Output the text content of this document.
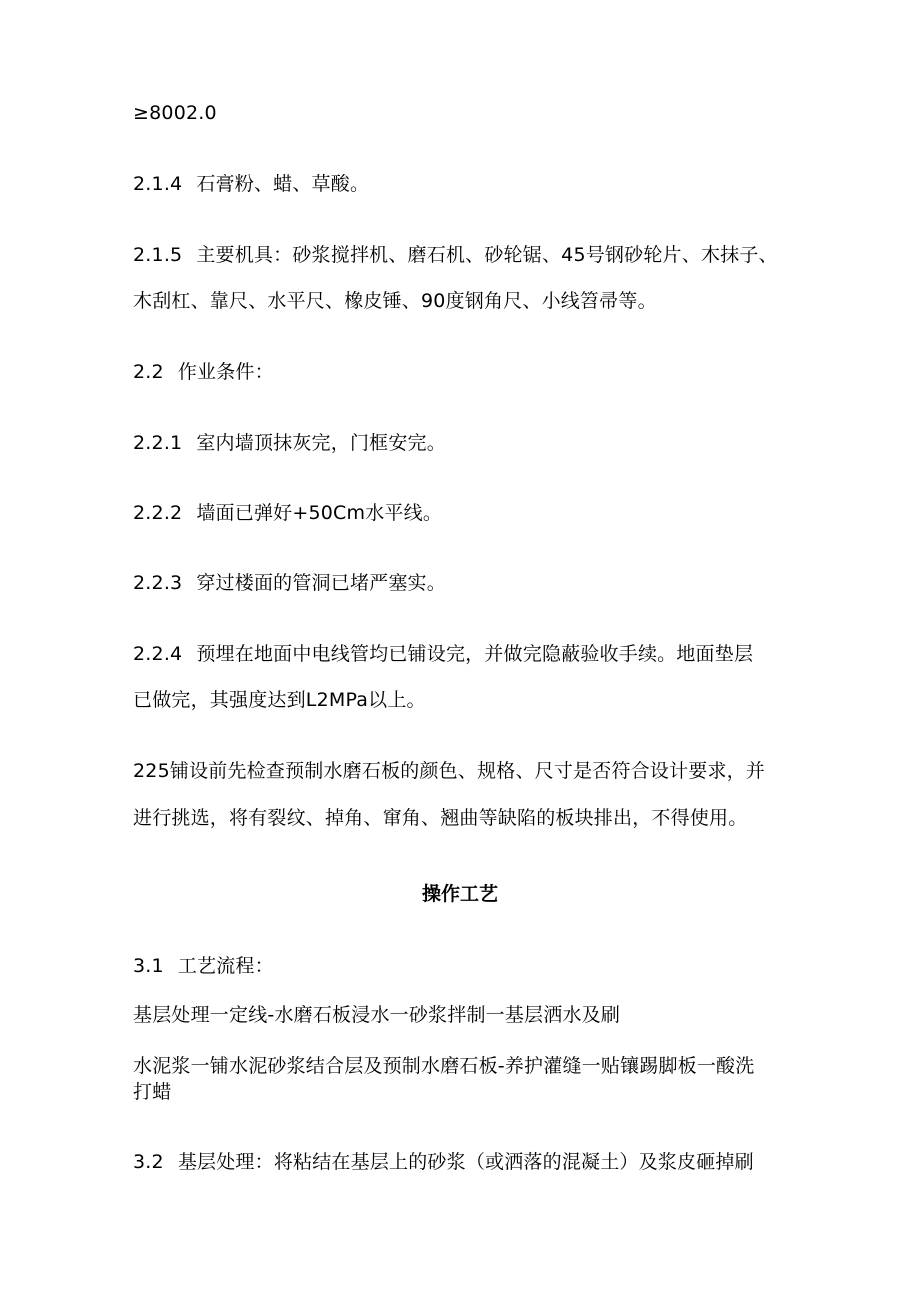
≥8002.0
2.1.4 石膏粉、蜡、草酸。
2.1.5 主要机具：砂浆搅拌机、磨石机、砂轮锯、45号钢砂轮片、木抹子、
木刮杠、靠尺、水平尺、橡皮锤、90度钢角尺、小线笤帚等。
2.2 作业条件：
2.2.1 室内墙顶抹灰完，门框安完。
2.2.2 墙面已弹好+50Cm水平线。
2.2.3 穿过楼面的管洞已堵严塞实。
2.2.4 预埋在地面中电线管均已铺设完，并做完隐蔽验收手续。地面垫层
已做完，其强度达到L2MPa以上。
225铺设前先检查预制水磨石板的颜色、规格、尺寸是否符合设计要求，并
进行挑选，将有裂纹、掉角、窜角、翘曲等缺陷的板块排出，不得使用。
操作工艺
3.1 工艺流程：
基层处理一定线-水磨石板浸水一砂浆拌制一基层洒水及刷
水泥浆一铺水泥砂浆结合层及预制水磨石板-养护灌缝一贴镶踢脚板一酸洗
打蜡
3.2 基层处理：将粘结在基层上的砂浆（或洒落的混凝土）及浆皮砸掉刷
